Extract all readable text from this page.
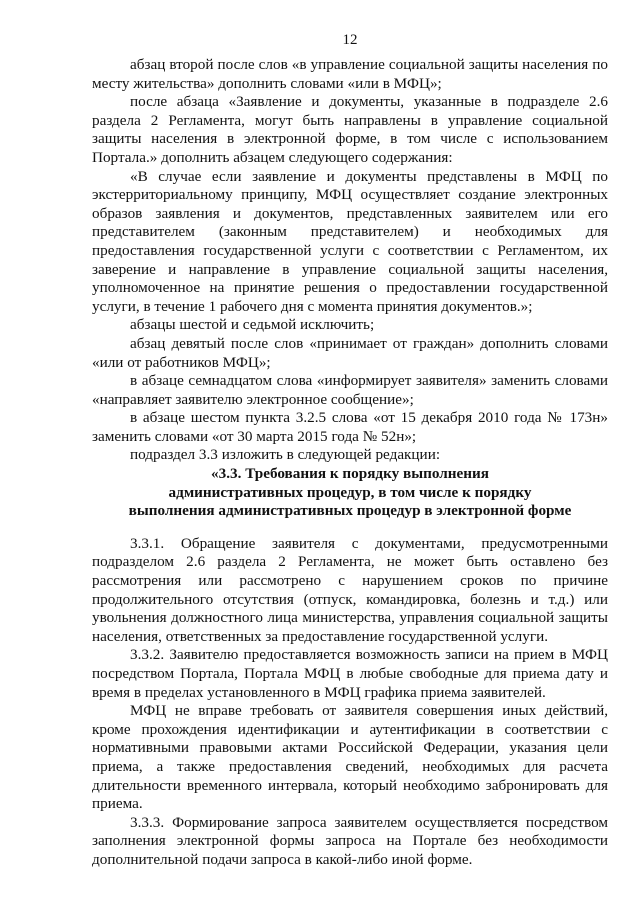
12

абзац второй после слов «в управление социальной защиты населения по месту жительства» дополнить словами «или в МФЦ»;

после абзаца «Заявление и документы, указанные в подразделе 2.6 раздела 2 Регламента, могут быть направлены в управление социальной защиты населения в электронной форме, в том числе с использованием Портала.» дополнить абзацем следующего содержания:

«В случае если заявление и документы представлены в МФЦ по экстерриториальному принципу, МФЦ осуществляет создание электронных образов заявления и документов, представленных заявителем или его представителем (законным представителем) и необходимых для предоставления государственной услуги с соответствии с Регламентом, их заверение и направление в управление социальной защиты населения, уполномоченное на принятие решения о предоставлении государственной услуги, в течение 1 рабочего дня с момента принятия документов.»;

абзацы шестой и седьмой исключить;

абзац девятый после слов «принимает от граждан» дополнить словами «или от работников МФЦ»;

в абзаце семнадцатом слова «информирует заявителя» заменить словами «направляет заявителю электронное сообщение»;

в абзаце шестом пункта 3.2.5 слова «от 15 декабря 2010 года № 173н» заменить словами «от 30 марта 2015 года № 52н»;

подраздел 3.3 изложить в следующей редакции:

«3.3. Требования к порядку выполнения
административных процедур, в том числе к порядку
выполнения административных процедур в электронной форме

3.3.1. Обращение заявителя с документами, предусмотренными подразделом 2.6 раздела 2 Регламента, не может быть оставлено без рассмотрения или рассмотрено с нарушением сроков по причине продолжительного отсутствия (отпуск, командировка, болезнь и т.д.) или увольнения должностного лица министерства, управления социальной защиты населения, ответственных за предоставление государственной услуги.

3.3.2. Заявителю предоставляется возможность записи на прием в МФЦ посредством Портала, Портала МФЦ в любые свободные для приема дату и время в пределах установленного в МФЦ графика приема заявителей.

МФЦ не вправе требовать от заявителя совершения иных действий, кроме прохождения идентификации и аутентификации в соответствии с нормативными правовыми актами Российской Федерации, указания цели приема, а также предоставления сведений, необходимых для расчета длительности временного интервала, который необходимо забронировать для приема.

3.3.3. Формирование запроса заявителем осуществляется посредством заполнения электронной формы запроса на Портале без необходимости дополнительной подачи запроса в какой-либо иной форме.
